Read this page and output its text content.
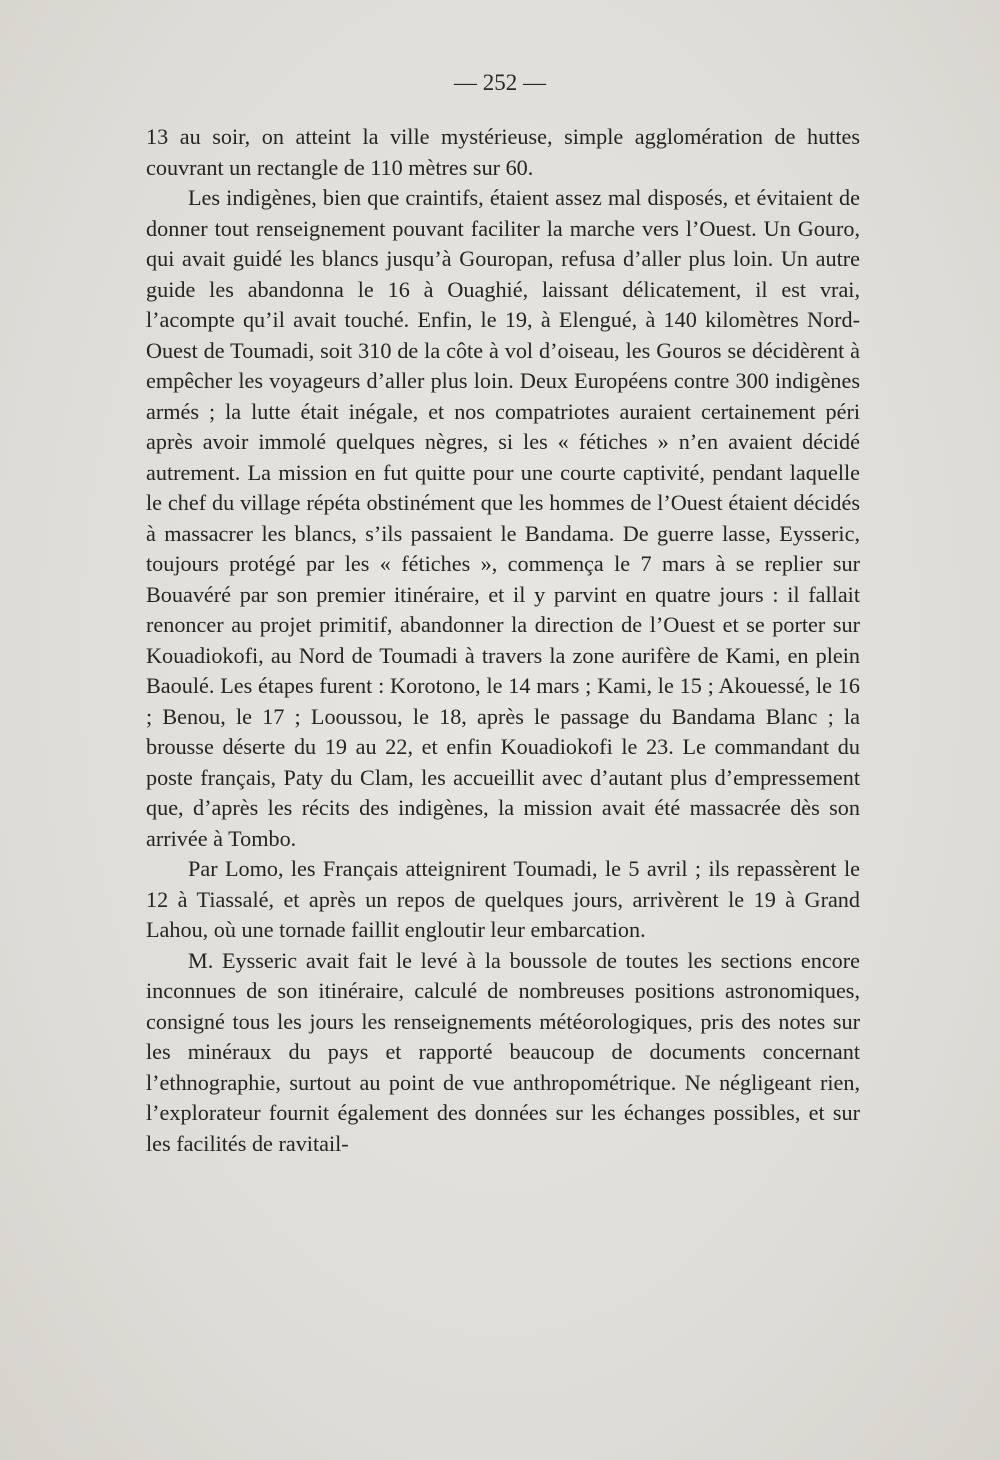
— 252 —

13 au soir, on atteint la ville mystérieuse, simple agglomération de huttes couvrant un rectangle de 110 mètres sur 60.

Les indigènes, bien que craintifs, étaient assez mal disposés, et évitaient de donner tout renseignement pouvant faciliter la marche vers l’Ouest. Un Gouro, qui avait guidé les blancs jusqu’à Gouropan, refusa d’aller plus loin. Un autre guide les abandonna le 16 à Ouaghié, laissant délicatement, il est vrai, l’acompte qu’il avait touché. Enfin, le 19, à Elengué, à 140 kilomètres Nord-Ouest de Toumadi, soit 310 de la côte à vol d’oiseau, les Gouros se décidèrent à empêcher les voyageurs d’aller plus loin. Deux Européens contre 300 indigènes armés ; la lutte était inégale, et nos compatriotes auraient certainement péri après avoir immolé quelques nègres, si les « fétiches » n’en avaient décidé autrement. La mission en fut quitte pour une courte captivité, pendant laquelle le chef du village répéta obstinément que les hommes de l’Ouest étaient décidés à massacrer les blancs, s’ils passaient le Bandama. De guerre lasse, Eysseric, toujours protégé par les « fétiches », commença le 7 mars à se replier sur Bouavéré par son premier itinéraire, et il y parvint en quatre jours : il fallait renoncer au projet primitif, abandonner la direction de l’Ouest et se porter sur Kouadiokofi, au Nord de Toumadi à travers la zone aurifère de Kami, en plein Baoulé. Les étapes furent : Korotono, le 14 mars ; Kami, le 15 ; Akouessé, le 16 ; Benou, le 17 ; Looussou, le 18, après le passage du Bandama Blanc ; la brousse déserte du 19 au 22, et enfin Kouadiokofi le 23. Le commandant du poste français, Paty du Clam, les accueillit avec d’autant plus d’empressement que, d’après les récits des indigènes, la mission avait été massacrée dès son arrivée à Tombo.

Par Lomo, les Français atteignirent Toumadi, le 5 avril ; ils repassèrent le 12 à Tiassalé, et après un repos de quelques jours, arrivèrent le 19 à Grand Lahou, où une tornade faillit engloutir leur embarcation.

M. Eysseric avait fait le levé à la boussole de toutes les sections encore inconnues de son itinéraire, calculé de nombreuses positions astronomiques, consigné tous les jours les renseignements météorologiques, pris des notes sur les minéraux du pays et rapporté beaucoup de documents concernant l’ethnographie, surtout au point de vue anthropométrique. Ne négligeant rien, l’explorateur fournit également des données sur les échanges possibles, et sur les facilités de ravitail-
